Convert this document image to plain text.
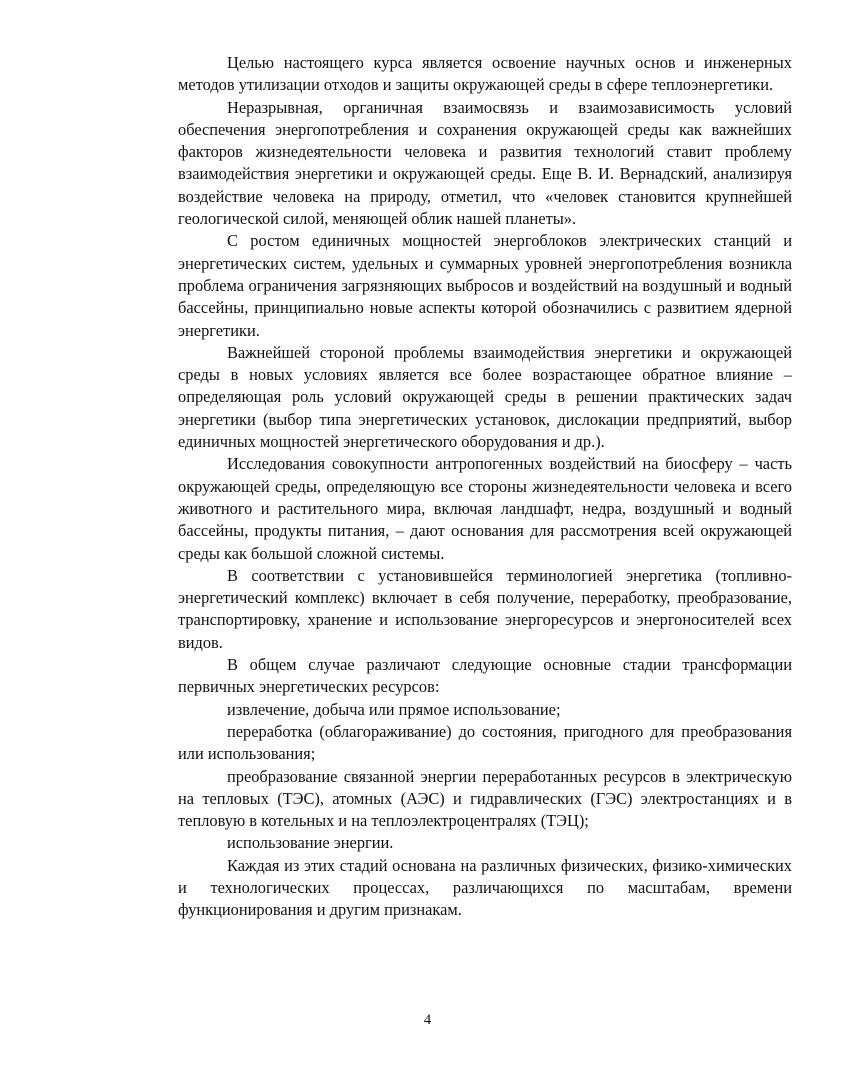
Целью настоящего курса является освоение научных основ и инженерных методов утилизации отходов и защиты окружающей среды в сфере теплоэнергетики.

Неразрывная, органичная взаимосвязь и взаимозависимость условий обеспечения энергопотребления и сохранения окружающей среды как важнейших факторов жизнедеятельности человека и развития технологий ставит проблему взаимодействия энергетики и окружающей среды. Еще В. И. Вернадский, анализируя воздействие человека на природу, отметил, что «человек становится крупнейшей геологической силой, меняющей облик нашей планеты».

С ростом единичных мощностей энергоблоков электрических станций и энергетических систем, удельных и суммарных уровней энергопотребления возникла проблема ограничения загрязняющих выбросов и воздействий на воздушный и водный бассейны, принципиально новые аспекты которой обозначились с развитием ядерной энергетики.

Важнейшей стороной проблемы взаимодействия энергетики и окружающей среды в новых условиях является все более возрастающее обратное влияние – определяющая роль условий окружающей среды в решении практических задач энергетики (выбор типа энергетических установок, дислокации предприятий, выбор единичных мощностей энергетического оборудования и др.).

Исследования совокупности антропогенных воздействий на биосферу – часть окружающей среды, определяющую все стороны жизнедеятельности человека и всего животного и растительного мира, включая ландшафт, недра, воздушный и водный бассейны, продукты питания, – дают основания для рассмотрения всей окружающей среды как большой сложной системы.

В соответствии с установившейся терминологией энергетика (топливно-энергетический комплекс) включает в себя получение, переработку, преобразование, транспортировку, хранение и использование энергоресурсов и энергоносителей всех видов.

В общем случае различают следующие основные стадии трансформации первичных энергетических ресурсов:

извлечение, добыча или прямое использование;

переработка (облагораживание) до состояния, пригодного для преобразования или использования;

преобразование связанной энергии переработанных ресурсов в электрическую на тепловых (ТЭС), атомных (АЭС) и гидравлических (ГЭС) электростанциях и в тепловую в котельных и на теплоэлектроцентралях (ТЭЦ);

использование энергии.

Каждая из этих стадий основана на различных физических, физико-химических и технологических процессах, различающихся по масштабам, времени функционирования и другим признакам.

4
